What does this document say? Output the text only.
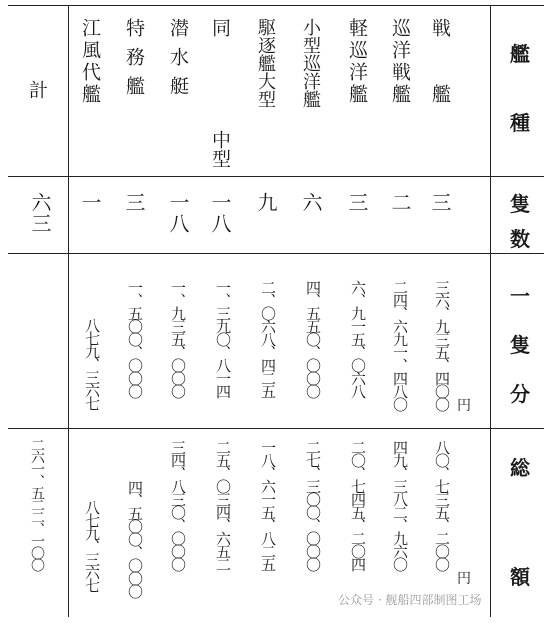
艦
種
隻
数
一
隻
分
総
額
円
円
戦　　艦
巡洋戦艦
軽巡洋艦
小型巡洋艦
駆逐艦大型
同
中型
潜水艇
特務艦
江風代艦
計
三
二
三
六
九
一八
一八
三
一
六三
三六、九三五、四〇〇
二四、六九一、四八〇
六、九一五、〇六八
四、五五〇、〇〇〇
二、〇六八、四二五
一、三九〇、八一四
一、九三五、〇〇〇
一、五〇〇、〇〇〇
八七九、三六七
八〇、七三五、二〇〇
四九、三八二、九六〇
二〇、七四五、二〇四
二七、三〇〇、〇〇〇
一八、六一五、八二五
二五、〇三四、六五二
三四、八三〇、〇〇〇
四、五〇〇、〇〇〇
八七九、三六七
二六一、五二二、一〇〇
公众号 · 舰船四部制图工场
